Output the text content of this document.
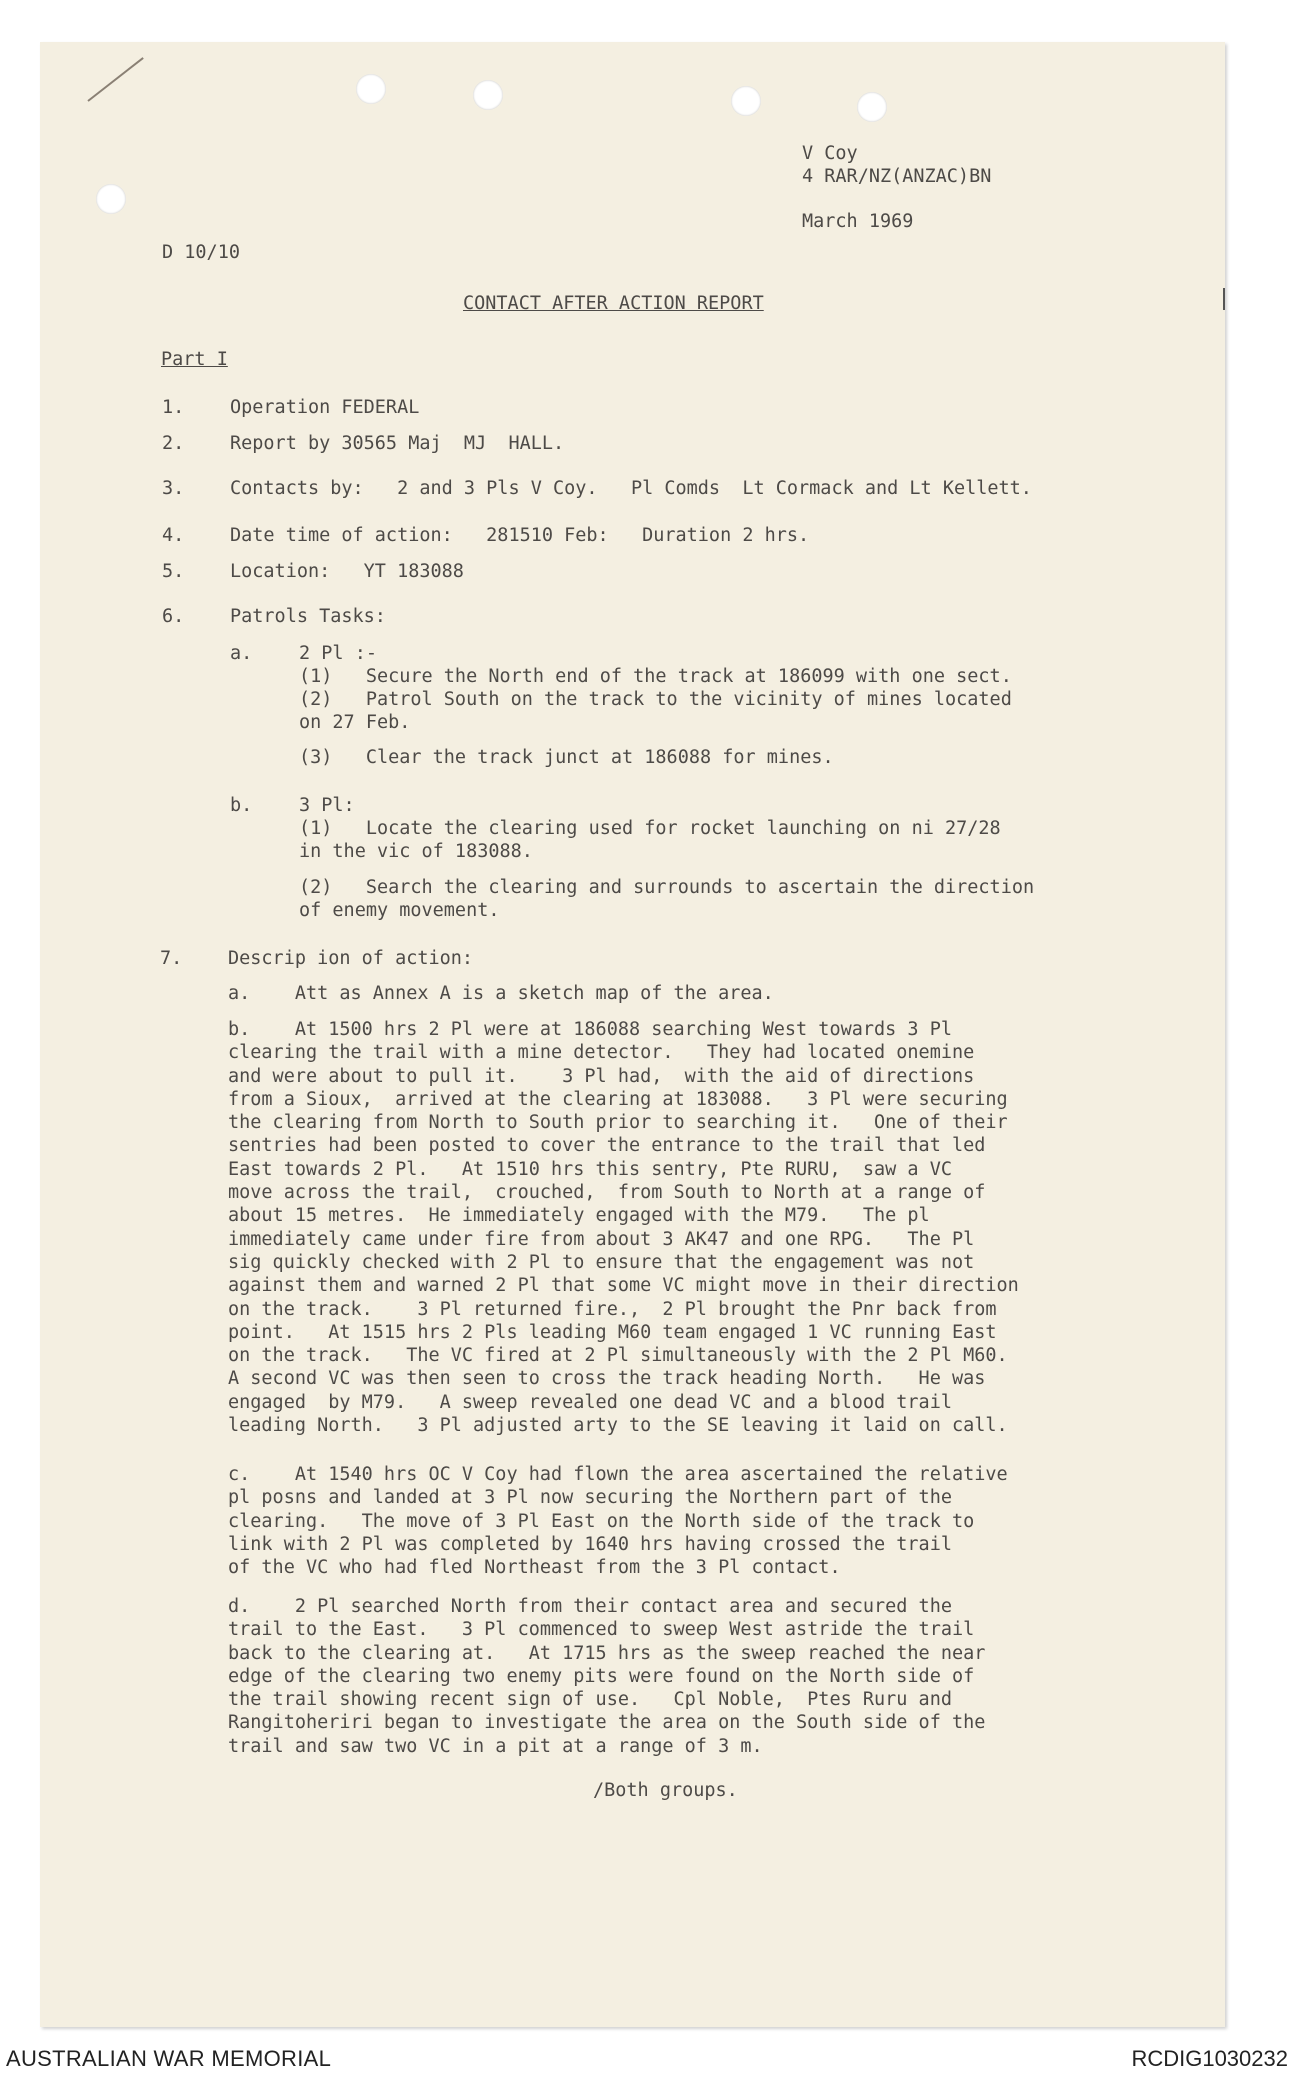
V Coy
4 RAR/NZ(ANZAC)BN
March 1969
D 10/10
CONTACT AFTER ACTION REPORT
Part I
1. Operation FEDERAL
2. Report by 30565 Maj  MJ  HALL.
3. Contacts by:   2 and 3 Pls V Coy.   Pl Comds  Lt Cormack and Lt Kellett.
4. Date time of action:   281510 Feb:   Duration 2 hrs.
5. Location:   YT 183088
6. Patrols Tasks:
a.	2 Pl :-
(1)   Secure the North end of the track at 186099 with one sect.
(2)   Patrol South on the track to the vicinity of mines located
on 27 Feb.
(3)   Clear the track junct at 186088 for mines.
b.	3 Pl:
(1)   Locate the clearing used for rocket launching on ni 27/28
in the vic of 183088.
(2)   Search the clearing and surrounds to ascertain the direction
of enemy movement.
7. Descrip ion of action:
a.    Att as Annex A is a sketch map of the area.
b.    At 1500 hrs 2 Pl were at 186088 searching West towards 3 Pl
clearing the trail with a mine detector.   They had located onemine
and were about to pull it.    3 Pl had,  with the aid of directions
from a Sioux,  arrived at the clearing at 183088.   3 Pl were securing
the clearing from North to South prior to searching it.   One of their
sentries had been posted to cover the entrance to the trail that led
East towards 2 Pl.   At 1510 hrs this sentry, Pte RURU,  saw a VC
move across the trail,  crouched,  from South to North at a range of
about 15 metres.  He immediately engaged with the M79.   The pl
immediately came under fire from about 3 AK47 and one RPG.   The Pl
sig quickly checked with 2 Pl to ensure that the engagement was not
against them and warned 2 Pl that some VC might move in their direction
on the track.    3 Pl returned fire.,  2 Pl brought the Pnr back from
point.   At 1515 hrs 2 Pls leading M60 team engaged 1 VC running East
on the track.   The VC fired at 2 Pl simultaneously with the 2 Pl M60.
A second VC was then seen to cross the track heading North.   He was
engaged  by M79.   A sweep revealed one dead VC and a blood trail
leading North.   3 Pl adjusted arty to the SE leaving it laid on call.
c.    At 1540 hrs OC V Coy had flown the area ascertained the relative
pl posns and landed at 3 Pl now securing the Northern part of the
clearing.   The move of 3 Pl East on the North side of the track to
link with 2 Pl was completed by 1640 hrs having crossed the trail
of the VC who had fled Northeast from the 3 Pl contact.
d.    2 Pl searched North from their contact area and secured the
trail to the East.   3 Pl commenced to sweep West astride the trail
back to the clearing at.   At 1715 hrs as the sweep reached the near
edge of the clearing two enemy pits were found on the North side of
the trail showing recent sign of use.   Cpl Noble,  Ptes Ruru and
Rangitoheriri began to investigate the area on the South side of the
trail and saw two VC in a pit at a range of 3 m.
/Both groups.
AUSTRALIAN WAR MEMORIAL	RCDIG1030232
